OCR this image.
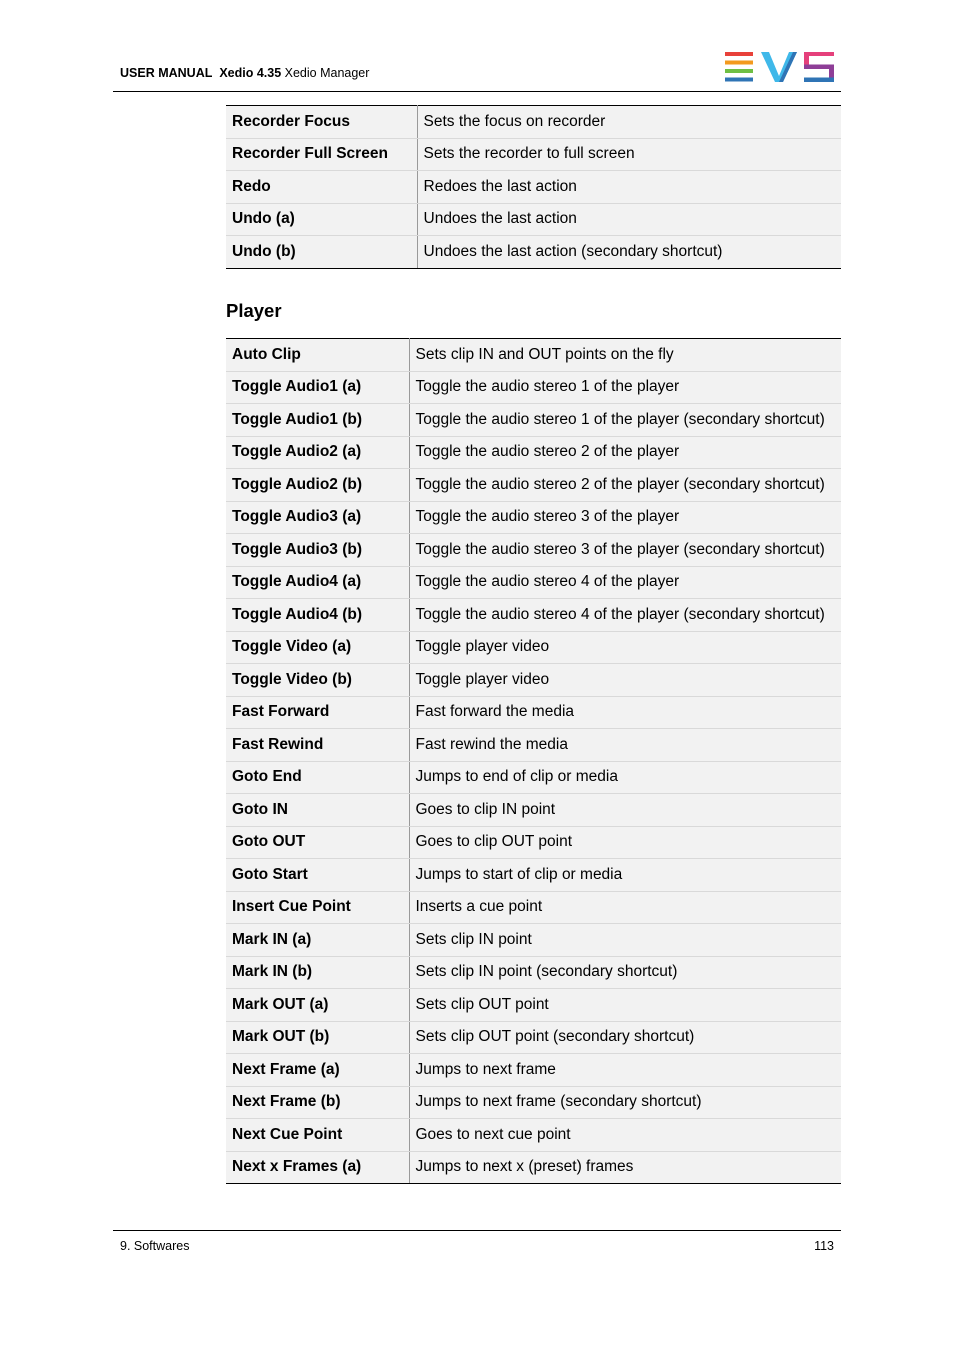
USER MANUAL Xedio 4.35 Xedio Manager
Recorder Focus	Sets the focus on recorder
Recorder Full Screen	Sets the recorder to full screen
Redo	Redoes the last action
Undo (a)	Undoes the last action
Undo (b)	Undoes the last action (secondary shortcut)
Player
Auto Clip	Sets clip IN and OUT points on the fly
Toggle Audio1 (a)	Toggle the audio stereo 1 of the player
Toggle Audio1 (b)	Toggle the audio stereo 1 of the player (secondary shortcut)
Toggle Audio2 (a)	Toggle the audio stereo 2 of the player
Toggle Audio2 (b)	Toggle the audio stereo 2 of the player (secondary shortcut)
Toggle Audio3 (a)	Toggle the audio stereo 3 of the player
Toggle Audio3 (b)	Toggle the audio stereo 3 of the player (secondary shortcut)
Toggle Audio4 (a)	Toggle the audio stereo 4 of the player
Toggle Audio4 (b)	Toggle the audio stereo 4 of the player (secondary shortcut)
Toggle Video (a)	Toggle player video
Toggle Video (b)	Toggle player video
Fast Forward	Fast forward the media
Fast Rewind	Fast rewind the media
Goto End	Jumps to end of clip or media
Goto IN	Goes to clip IN point
Goto OUT	Goes to clip OUT point
Goto Start	Jumps to start of clip or media
Insert Cue Point	Inserts a cue point
Mark IN (a)	Sets clip IN point
Mark IN (b)	Sets clip IN point (secondary shortcut)
Mark OUT (a)	Sets clip OUT point
Mark OUT (b)	Sets clip OUT point (secondary shortcut)
Next Frame (a)	Jumps to next frame
Next Frame (b)	Jumps to next frame (secondary shortcut)
Next Cue Point	Goes to next cue point
Next x Frames (a)	Jumps to next x (preset) frames
9. Softwares	113
